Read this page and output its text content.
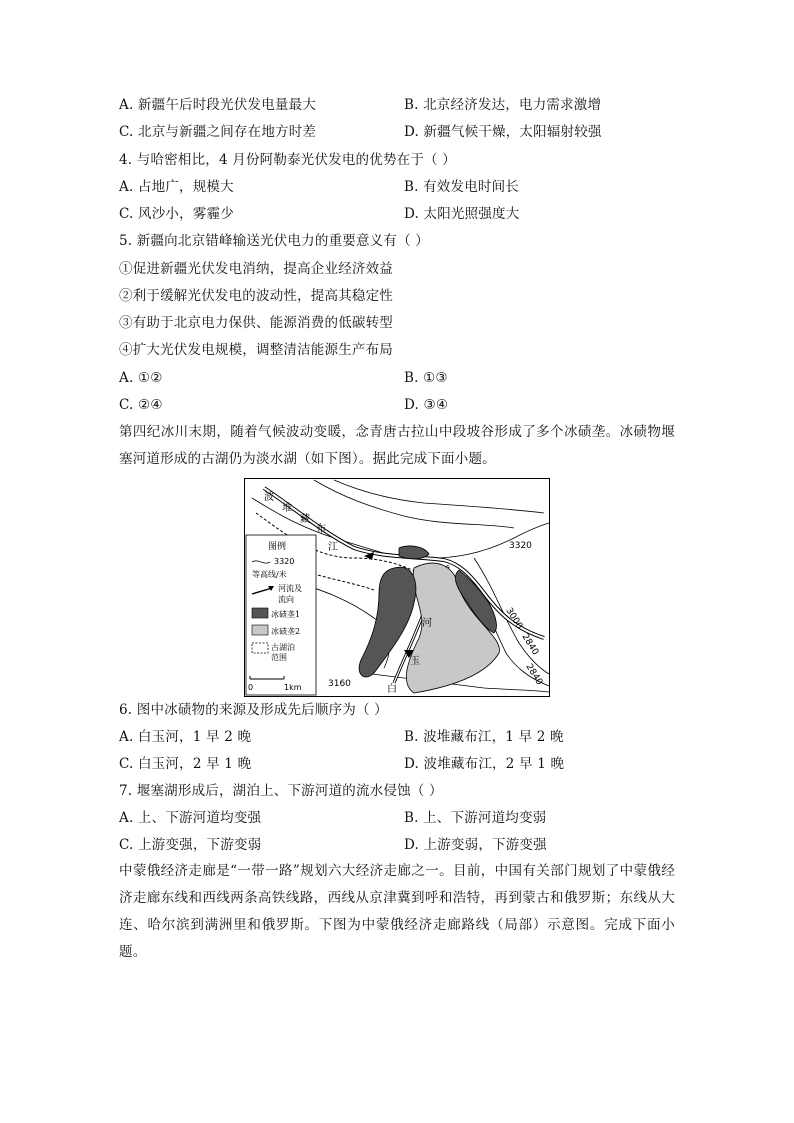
A. 新疆午后时段光伏发电量最大	B. 北京经济发达，电力需求激增
C. 北京与新疆之间存在地方时差	D. 新疆气候干燥，太阳辐射较强
4. 与哈密相比，4 月份阿勒泰光伏发电的优势在于（ ）
A. 占地广，规模大	B. 有效发电时间长
C. 风沙小，雾霾少	D. 太阳光照强度大
5. 新疆向北京错峰输送光伏电力的重要意义有（ ）
①促进新疆光伏发电消纳，提高企业经济效益
②利于缓解光伏发电的波动性，提高其稳定性
③有助于北京电力保供、能源消费的低碳转型
④扩大光伏发电规模，调整清洁能源生产布局
A. ①②	B. ①③
C. ②④	D. ③④
第四纪冰川末期，随着气候波动变暖，念青唐古拉山中段坡谷形成了多个冰碛垄。冰碛物堰塞河道形成的古湖仍为淡水湖（如下图）。据此完成下面小题。
波
堆
藏
布
江
河
玉
白
3320
3000
2840
2840
3160
图例
3320
等高线/米
河流及
流向
冰碛垄1
冰碛垄2
古湖泊
范围
0	1km
6. 图中冰碛物的来源及形成先后顺序为（ ）
A. 白玉河，1 早 2 晚	B. 波堆藏布江，1 早 2 晚
C. 白玉河，2 早 1 晚	D. 波堆藏布江，2 早 1 晚
7. 堰塞湖形成后，湖泊上、下游河道的流水侵蚀（ ）
A. 上、下游河道均变强	B. 上、下游河道均变弱
C. 上游变强，下游变弱	D. 上游变弱，下游变强
中蒙俄经济走廊是“一带一路”规划六大经济走廊之一。目前，中国有关部门规划了中蒙俄经济走廊东线和西线两条高铁线路，西线从京津冀到呼和浩特，再到蒙古和俄罗斯；东线从大连、哈尔滨到满洲里和俄罗斯。下图为中蒙俄经济走廊路线（局部）示意图。完成下面小题。
